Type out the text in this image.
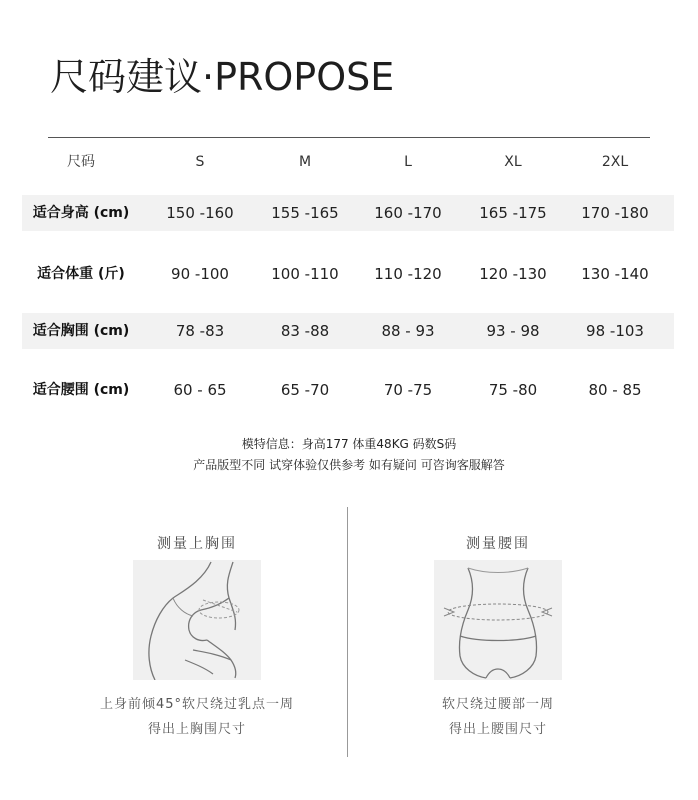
尺码建议·PROPOSE
尺码	S	M	L	XL	2XL
适合身高 (cm)	150 -160	155 -165	160 -170	165 -175	170 -180
适合体重 (斤)	90 -100	100 -110	110 -120	120 -130	130 -140
适合胸围 (cm)	78 -83	83 -88	88 - 93	93 - 98	98 -103
适合腰围 (cm)	60 - 65	65 -70	70 -75	75 -80	80 - 85
模特信息：身高177 体重48KG 码数S码
产品版型不同 试穿体验仅供参考 如有疑问 可咨询客服解答
测量上胸围
上身前倾45°软尺绕过乳点一周
得出上胸围尺寸
测量腰围
软尺绕过腰部一周
得出上腰围尺寸
